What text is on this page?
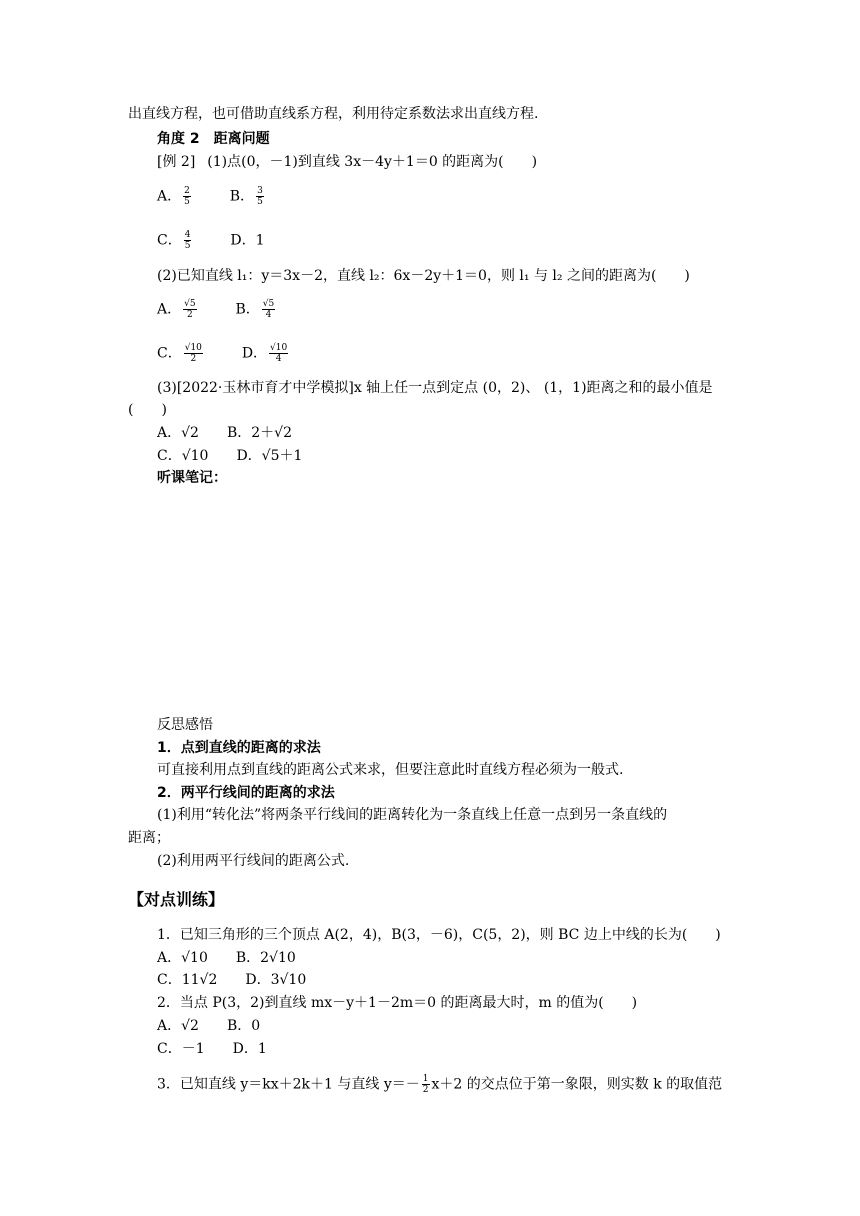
出直线方程，也可借助直线系方程，利用待定系数法求出直线方程.
角度 2　距离问题
[例 2] (1)点(0，－1)到直线 3x－4y＋1＝0 的距离为(　　)
A． $\frac{2}{5}$	B． $\frac{3}{5}$
C． $\frac{4}{5}$	D．1
(2)已知直线 l₁：y＝3x－2，直线 l₂：6x－2y＋1＝0，则 l₁ 与 l₂ 之间的距离为(　　)
A． $\frac{√5}{2}$	B． $\frac{√5}{4}$
C． $\frac{√10}{2}$	D． $\frac{√10}{4}$
(3)[2022·玉林市育才中学模拟]x 轴上任一点到定点 (0，2)、 (1，1)距离之和的最小值是
(　　)
A．√2 B．2＋√2
C．√10 D．√5＋1
听课笔记：
反思感悟
1．点到直线的距离的求法
可直接利用点到直线的距离公式来求，但要注意此时直线方程必须为一般式.
2．两平行线间的距离的求法
(1)利用“转化法”将两条平行线间的距离转化为一条直线上任意一点到另一条直线的
距离；
(2)利用两平行线间的距离公式.
【对点训练】
1．已知三角形的三个顶点 A(2，4)，B(3，－6)，C(5，2)，则 BC 边上中线的长为(　　)
A．√10 B．2√10
C．11√2 D．3√10
2．当点 P(3，2)到直线 mx－y＋1－2m＝0 的距离最大时，m 的值为(　　)
A．√2 B．0
C．－1 D．1
3．已知直线 y＝kx＋2k＋1 与直线 $y=- \frac{1}{2} x+2$ 的交点位于第一象限，则实数 k 的取值范
